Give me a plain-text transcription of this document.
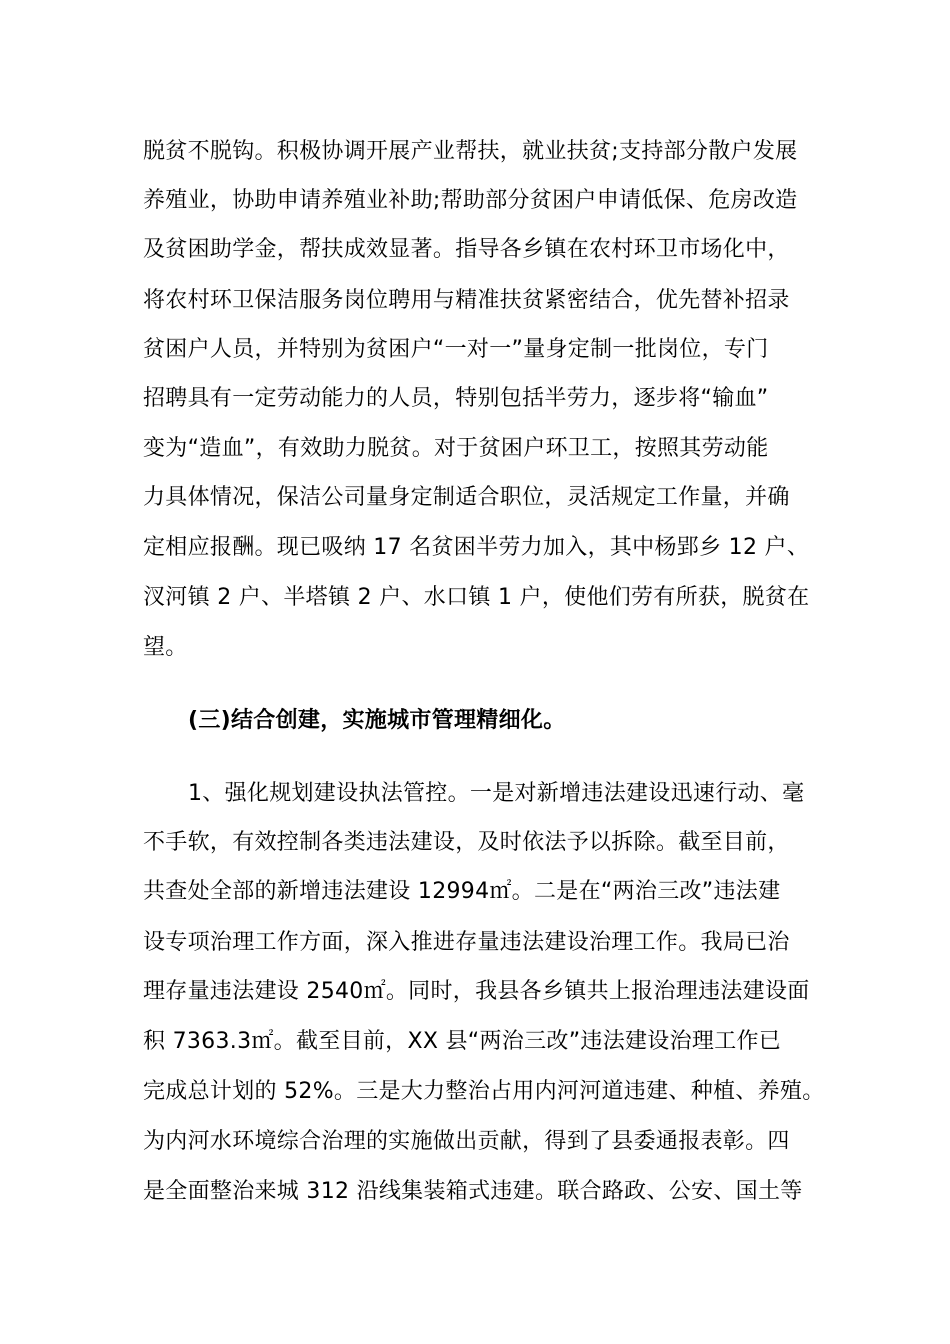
脱贫不脱钩。积极协调开展产业帮扶，就业扶贫;支持部分散户发展
养殖业，协助申请养殖业补助;帮助部分贫困户申请低保、危房改造
及贫困助学金，帮扶成效显著。指导各乡镇在农村环卫市场化中，
将农村环卫保洁服务岗位聘用与精准扶贫紧密结合，优先替补招录
贫困户人员，并特别为贫困户“一对一”量身定制一批岗位，专门
招聘具有一定劳动能力的人员，特别包括半劳力，逐步将“输血”
变为“造血”，有效助力脱贫。对于贫困户环卫工，按照其劳动能
力具体情况，保洁公司量身定制适合职位，灵活规定工作量，并确
定相应报酬。现已吸纳 17 名贫困半劳力加入，其中杨郢乡 12 户、
汊河镇 2 户、半塔镇 2 户、水口镇 1 户，使他们劳有所获，脱贫在
望。
(三)结合创建，实施城市管理精细化。
1、强化规划建设执法管控。一是对新增违法建设迅速行动、毫
不手软，有效控制各类违法建设，及时依法予以拆除。截至目前，
共查处全部的新增违法建设 12994㎡。二是在“两治三改”违法建
设专项治理工作方面，深入推进存量违法建设治理工作。我局已治
理存量违法建设 2540㎡。同时，我县各乡镇共上报治理违法建设面
积 7363.3㎡。截至目前，XX 县“两治三改”违法建设治理工作已
完成总计划的 52%。三是大力整治占用内河河道违建、种植、养殖。
为内河水环境综合治理的实施做出贡献，得到了县委通报表彰。四
是全面整治来城 312 沿线集装箱式违建。联合路政、公安、国土等
